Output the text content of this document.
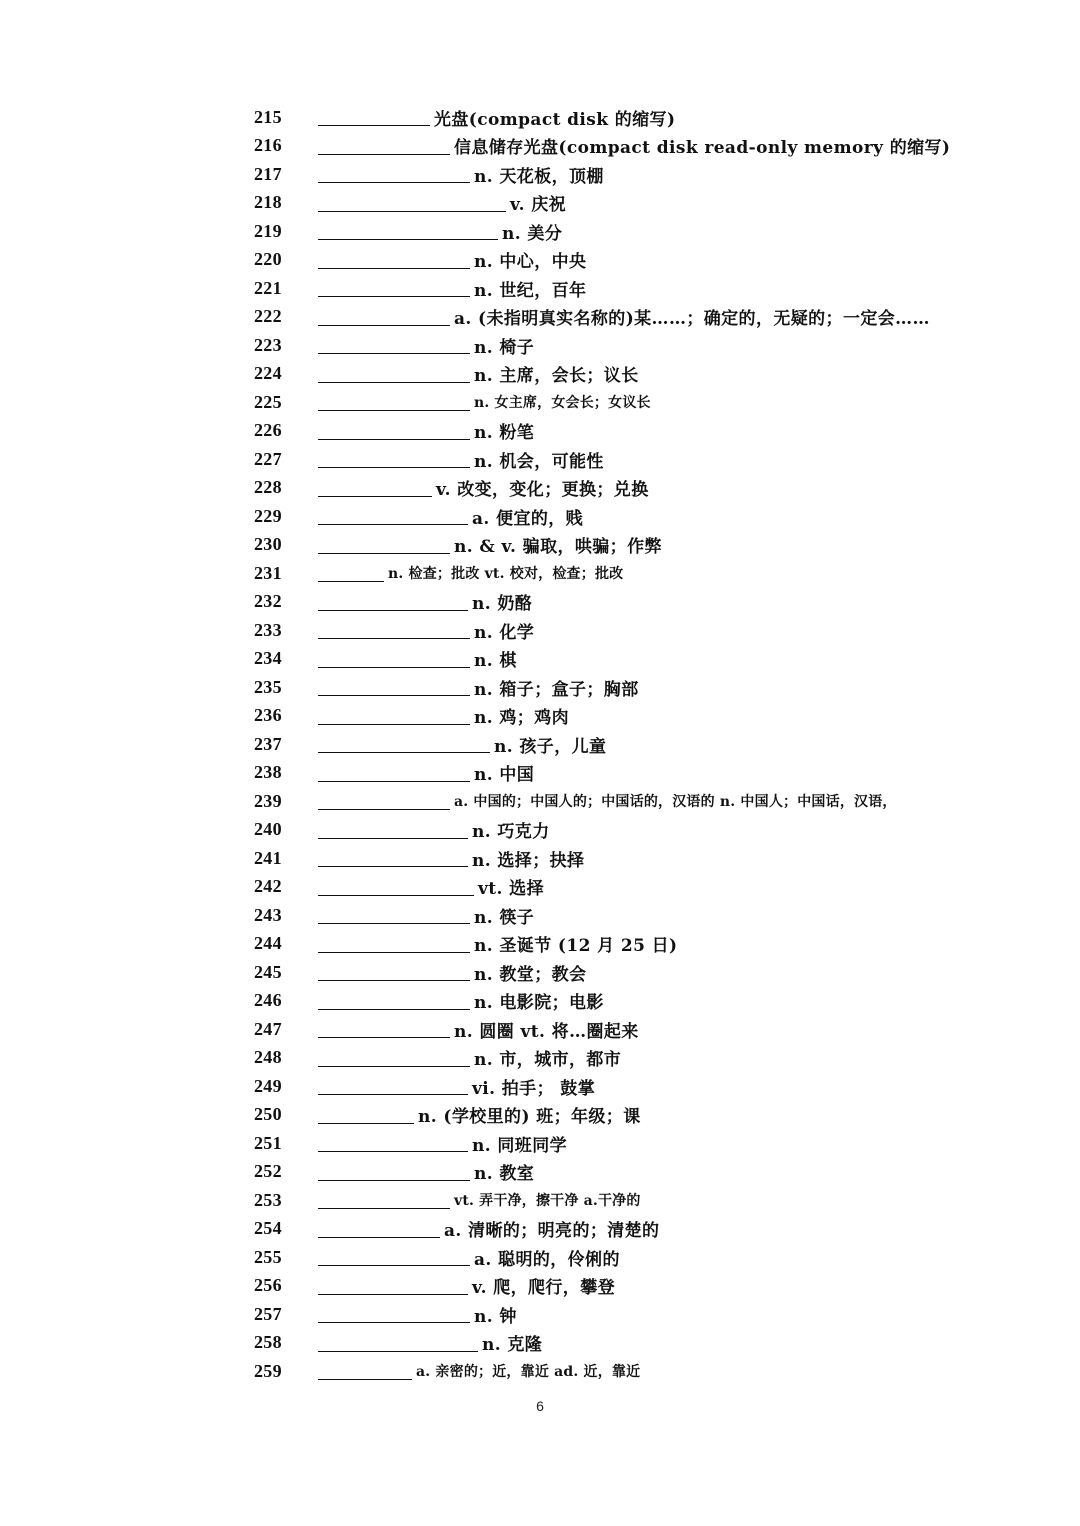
215	光盘(compact disk 的缩写)
216	信息储存光盘(compact disk read-only memory 的缩写)
217	n. 天花板，顶棚
218	v. 庆祝
219	n. 美分
220	n. 中心，中央
221	n. 世纪，百年
222	a. (未指明真实名称的)某……；确定的，无疑的；一定会……
223	n. 椅子
224	n. 主席，会长；议长
225	n. 女主席，女会长；女议长
226	n. 粉笔
227	n. 机会，可能性
228	v. 改变，变化；更换；兑换
229	a. 便宜的，贱
230	n. & v. 骗取，哄骗；作弊
231	n. 检查；批改 vt. 校对，检查；批改
232	n. 奶酪
233	n. 化学
234	n. 棋
235	n. 箱子；盒子；胸部
236	n. 鸡；鸡肉
237	n. 孩子，儿童
238	n. 中国
239	a. 中国的；中国人的；中国话的，汉语的 n. 中国人；中国话，汉语，
240	n. 巧克力
241	n. 选择；抉择
242	vt. 选择
243	n. 筷子
244	n. 圣诞节 (12 月 25 日)
245	n. 教堂；教会
246	n. 电影院；电影
247	n. 圆圈 vt. 将…圈起来
248	n. 市，城市，都市
249	vi. 拍手； 鼓掌
250	n. (学校里的) 班；年级；课
251	n. 同班同学
252	n. 教室
253	vt. 弄干净，擦干净 a.干净的
254	a. 清晰的；明亮的；清楚的
255	a. 聪明的，伶俐的
256	v. 爬，爬行，攀登
257	n. 钟
258	n. 克隆
259	a. 亲密的；近，靠近 ad. 近，靠近
6
